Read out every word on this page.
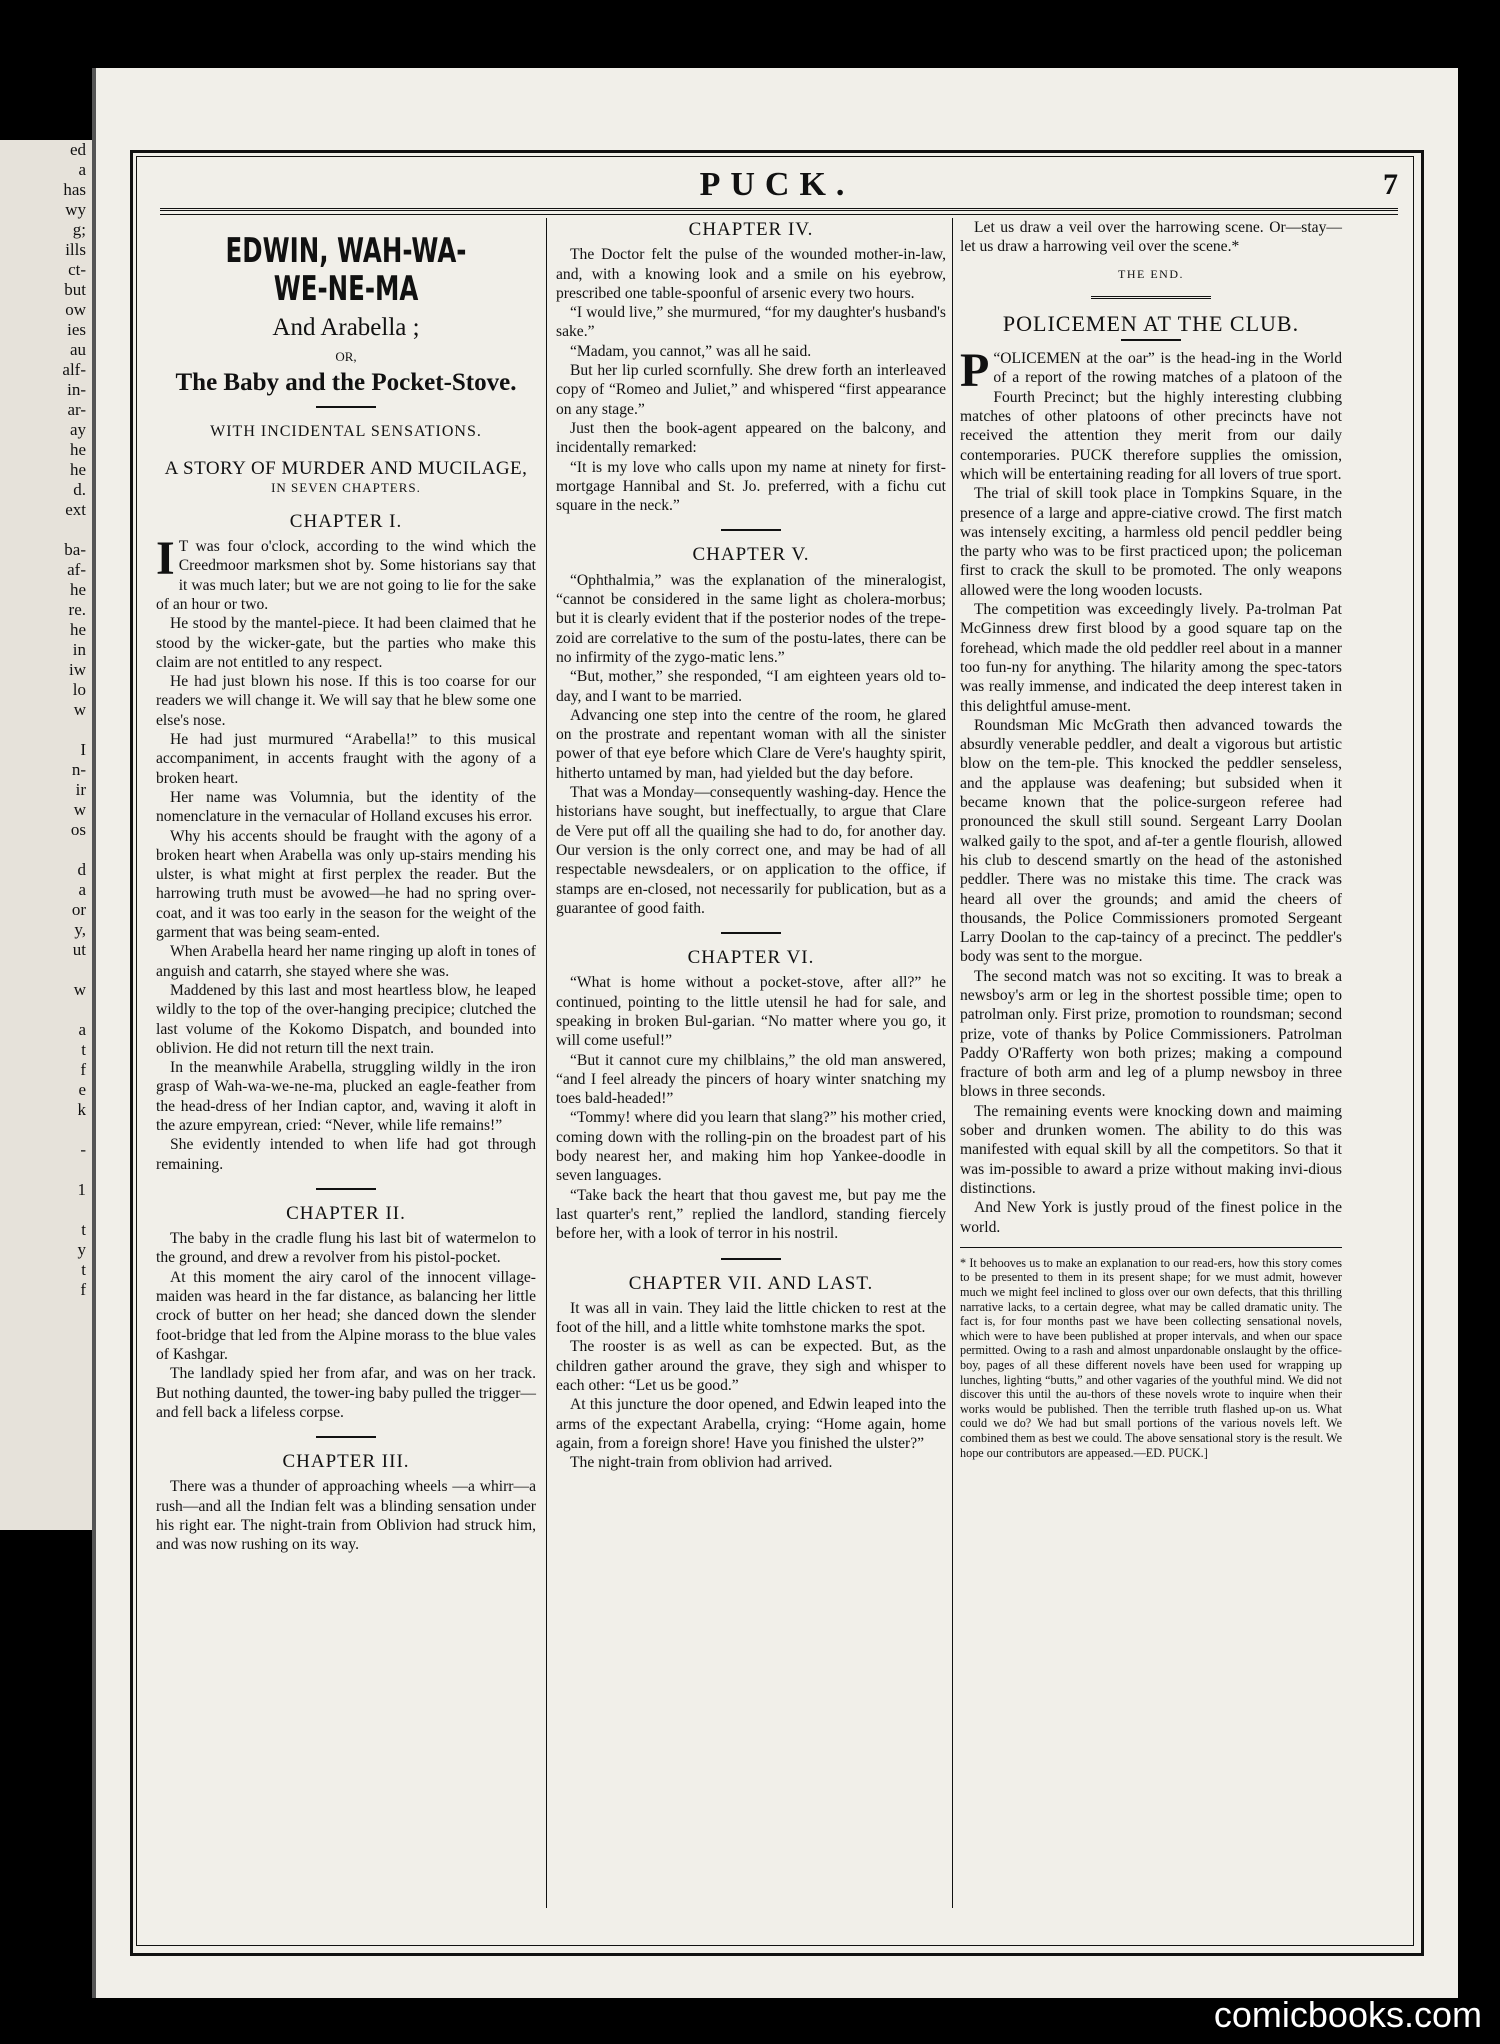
ed
a
has
wy
g;
ills
ct-
but
ow
ies
au
alf-
in-
ar-
ay
he
he
d.
ext

ba-
af-
he
re.
he
in
iw
lo
w

I
n-
ir
w
os

d
a
or
y,
ut

w

a
t
f
e
k

-

1

t
y
t
f
PUCK.	7
EDWIN, WAH-WA-WE-NE-MA
And Arabella ;
OR,
The Baby and the Pocket-Stove.
WITH INCIDENTAL SENSATIONS.
A STORY OF MURDER AND MUCILAGE,
IN SEVEN CHAPTERS.
CHAPTER I.
I T was four o'clock, according to the wind which the Creedmoor marksmen shot by. Some historians say that it was much later; but we are not going to lie for the sake of an hour or two.

He stood by the mantel-piece. It had been claimed that he stood by the wicker-gate, but the parties who make this claim are not entitled to any respect.

He had just blown his nose. If this is too coarse for our readers we will change it. We will say that he blew some one else's nose.

He had just murmured “Arabella!” to this musical accompaniment, in accents fraught with the agony of a broken heart.

Her name was Volumnia, but the identity of the nomenclature in the vernacular of Holland excuses his error.

Why his accents should be fraught with the agony of a broken heart when Arabella was only up-stairs mending his ulster, is what might at first perplex the reader. But the harrowing truth must be avowed—he had no spring over-coat, and it was too early in the season for the weight of the garment that was being seam-ented.

When Arabella heard her name ringing up aloft in tones of anguish and catarrh, she stayed where she was.

Maddened by this last and most heartless blow, he leaped wildly to the top of the over-hanging precipice; clutched the last volume of the Kokomo Dispatch, and bounded into oblivion. He did not return till the next train.

In the meanwhile Arabella, struggling wildly in the iron grasp of Wah-wa-we-ne-ma, plucked an eagle-feather from the head-dress of her Indian captor, and, waving it aloft in the azure empyrean, cried: “Never, while life remains!”

She evidently intended to when life had got through remaining.

CHAPTER II.

The baby in the cradle flung his last bit of watermelon to the ground, and drew a revolver from his pistol-pocket.

At this moment the airy carol of the innocent village-maiden was heard in the far distance, as balancing her little crock of butter on her head; she danced down the slender foot-bridge that led from the Alpine morass to the blue vales of Kashgar.

The landlady spied her from afar, and was on her track. But nothing daunted, the tower-ing baby pulled the trigger—and fell back a lifeless corpse.

CHAPTER III.

There was a thunder of approaching wheels —a whirr—a rush—and all the Indian felt was a blinding sensation under his right ear. The night-train from Oblivion had struck him, and was now rushing on its way.

CHAPTER IV.

The Doctor felt the pulse of the wounded mother-in-law, and, with a knowing look and a smile on his eyebrow, prescribed one table-spoonful of arsenic every two hours.

“I would live,” she murmured, “for my daughter's husband's sake.”

“Madam, you cannot,” was all he said.

But her lip curled scornfully. She drew forth an interleaved copy of “Romeo and Juliet,” and whispered “first appearance on any stage.”

Just then the book-agent appeared on the balcony, and incidentally remarked:

“It is my love who calls upon my name at ninety for first-mortgage Hannibal and St. Jo. preferred, with a fichu cut square in the neck.”

CHAPTER V.

“Ophthalmia,” was the explanation of the mineralogist, “cannot be considered in the same light as cholera-morbus; but it is clearly evident that if the posterior nodes of the trepe-zoid are correlative to the sum of the postu-lates, there can be no infirmity of the zygo-matic lens.”

“But, mother,” she responded, “I am eighteen years old to-day, and I want to be married.

Advancing one step into the centre of the room, he glared on the prostrate and repentant woman with all the sinister power of that eye before which Clare de Vere's haughty spirit, hitherto untamed by man, had yielded but the day before.

That was a Monday—consequently washing-day. Hence the historians have sought, but ineffectually, to argue that Clare de Vere put off all the quailing she had to do, for another day. Our version is the only correct one, and may be had of all respectable newsdealers, or on application to the office, if stamps are en-closed, not necessarily for publication, but as a guarantee of good faith.

CHAPTER VI.

“What is home without a pocket-stove, after all?” he continued, pointing to the little utensil he had for sale, and speaking in broken Bul-garian. “No matter where you go, it will come useful!”

“But it cannot cure my chilblains,” the old man answered, “and I feel already the pincers of hoary winter snatching my toes bald-headed!”

“Tommy! where did you learn that slang?” his mother cried, coming down with the rolling-pin on the broadest part of his body nearest her, and making him hop Yankee-doodle in seven languages.

“Take back the heart that thou gavest me, but pay me the last quarter's rent,” replied the landlord, standing fiercely before her, with a look of terror in his nostril.

CHAPTER VII. AND LAST.

It was all in vain. They laid the little chicken to rest at the foot of the hill, and a little white tomhstone marks the spot.

The rooster is as well as can be expected. But, as the children gather around the grave, they sigh and whisper to each other: “Let us be good.”

At this juncture the door opened, and Edwin leaped into the arms of the expectant Arabella, crying: “Home again, home again, from a foreign shore! Have you finished the ulster?”

The night-train from oblivion had arrived.

Let us draw a veil over the harrowing scene. Or—stay—let us draw a harrowing veil over the scene.*

THE END.
POLICEMEN AT THE CLUB.
P “OLICEMEN at the oar” is the head-ing in the World of a report of the rowing matches of a platoon of the Fourth Precinct; but the highly interesting clubbing matches of other platoons of other precincts have not received the attention they merit from our daily contemporaries. PUCK therefore supplies the omission, which will be entertaining reading for all lovers of true sport.

The trial of skill took place in Tompkins Square, in the presence of a large and appre-ciative crowd. The first match was intensely exciting, a harmless old pencil peddler being the party who was to be first practiced upon; the policeman first to crack the skull to be promoted. The only weapons allowed were the long wooden locusts.

The competition was exceedingly lively. Pa-trolman Pat McGinness drew first blood by a good square tap on the forehead, which made the old peddler reel about in a manner too fun-ny for anything. The hilarity among the spec-tators was really immense, and indicated the deep interest taken in this delightful amuse-ment.

Roundsman Mic McGrath then advanced towards the absurdly venerable peddler, and dealt a vigorous but artistic blow on the tem-ple. This knocked the peddler senseless, and the applause was deafening; but subsided when it became known that the police-surgeon referee had pronounced the skull still sound. Sergeant Larry Doolan walked gaily to the spot, and af-ter a gentle flourish, allowed his club to descend smartly on the head of the astonished peddler. There was no mistake this time. The crack was heard all over the grounds; and amid the cheers of thousands, the Police Commissioners promoted Sergeant Larry Doolan to the cap-taincy of a precinct. The peddler's body was sent to the morgue.

The second match was not so exciting. It was to break a newsboy's arm or leg in the shortest possible time; open to patrolman only. First prize, promotion to roundsman; second prize, vote of thanks by Police Commissioners. Patrolman Paddy O'Rafferty won both prizes; making a compound fracture of both arm and leg of a plump newsboy in three blows in three seconds.

The remaining events were knocking down and maiming sober and drunken women. The ability to do this was manifested with equal skill by all the competitors. So that it was im-possible to award a prize without making invi-dious distinctions.

And New York is justly proud of the finest police in the world.

* It behooves us to make an explanation to our read-ers, how this story comes to be presented to them in its present shape; for we must admit, however much we might feel inclined to gloss over our own defects, that this thrilling narrative lacks, to a certain degree, what may be called dramatic unity. The fact is, for four months past we have been collecting sensational novels, which were to have been published at proper intervals, and when our space permitted. Owing to a rash and almost unpardonable onslaught by the office-boy, pages of all these different novels have been used for wrapping up lunches, lighting “butts,” and other vagaries of the youthful mind. We did not discover this until the au-thors of these novels wrote to inquire when their works would be published. Then the terrible truth flashed up-on us. What could we do? We had but small portions of the various novels left. We combined them as best we could. The above sensational story is the result. We hope our contributors are appeased.—ED. PUCK.]
comicbooks.com
